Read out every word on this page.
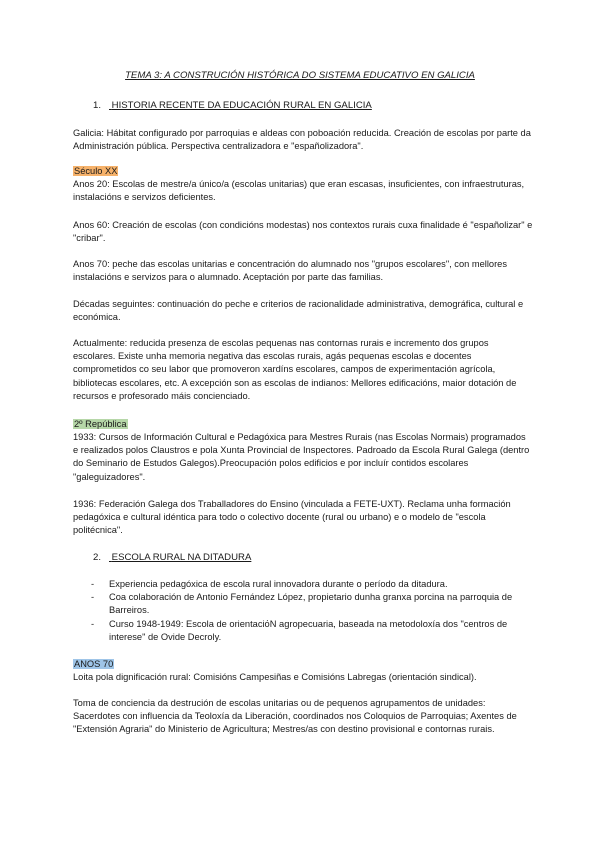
TEMA 3: A CONSTRUCIÓN HISTÓRICA DO SISTEMA EDUCATIVO EN GALICIA
1. HISTORIA RECENTE DA EDUCACIÓN RURAL EN GALICIA
Galicia: Hábitat configurado por parroquias e aldeas con poboación reducida. Creación de escolas por parte da Administración pública. Perspectiva centralizadora e "españolizadora".
Século XX
Anos 20: Escolas de mestre/a único/a (escolas unitarias) que eran escasas, insuficientes, con infraestruturas, instalacións e servizos deficientes.
Anos 60: Creación de escolas (con condicións modestas) nos contextos rurais cuxa finalidade é "españolizar" e "cribar".
Anos 70: peche das escolas unitarias e concentración do alumnado nos "grupos escolares", con mellores instalacións e servizos para o alumnado. Aceptación por parte das familias.
Décadas seguintes: continuación do peche e criterios de racionalidade administrativa, demográfica, cultural e económica.
Actualmente: reducida presenza de escolas pequenas nas contornas rurais e incremento dos grupos escolares. Existe unha memoria negativa das escolas rurais, agás pequenas escolas e docentes comprometidos co seu labor que promoveron xardíns escolares, campos de experimentación agrícola, bibliotecas escolares, etc. A excepción son as escolas de indianos: Mellores edificacións, maior dotación de recursos e profesorado máis concienciado.
2º República
1933: Cursos de Información Cultural e Pedagóxica para Mestres Rurais (nas Escolas Normais) programados e realizados polos Claustros e pola Xunta Provincial de Inspectores. Padroado da Escola Rural Galega (dentro do Seminario de Estudos Galegos).Preocupación polos edificios e por incluír contidos escolares "galeguizadores".
1936: Federación Galega dos Traballadores do Ensino (vinculada a FETE-UXT). Reclama unha formación pedagóxica e cultural idéntica para todo o colectivo docente (rural ou urbano) e o modelo de "escola politécnica".
2. ESCOLA RURAL NA DITADURA
- Experiencia pedagóxica de escola rural innovadora durante o período da ditadura.
- Coa colaboración de Antonio Fernández López, propietario dunha granxa porcina na parroquia de Barreiros.
- Curso 1948-1949: Escola de orientaciόN agropecuaria, baseada na metodoloxía dos "centros de interese" de Ovide Decroly.
ANOS 70
Loita pola dignificación rural: Comisións Campesiñas e Comisións Labregas (orientación sindical).
Toma de conciencia da destrución de escolas unitarias ou de pequenos agrupamentos de unidades: Sacerdotes con influencia da Teoloxía da Liberación, coordinados nos Coloquios de Parroquias; Axentes de "Extensión Agraria" do Ministerio de Agricultura; Mestres/as con destino provisional e contornas rurais.
